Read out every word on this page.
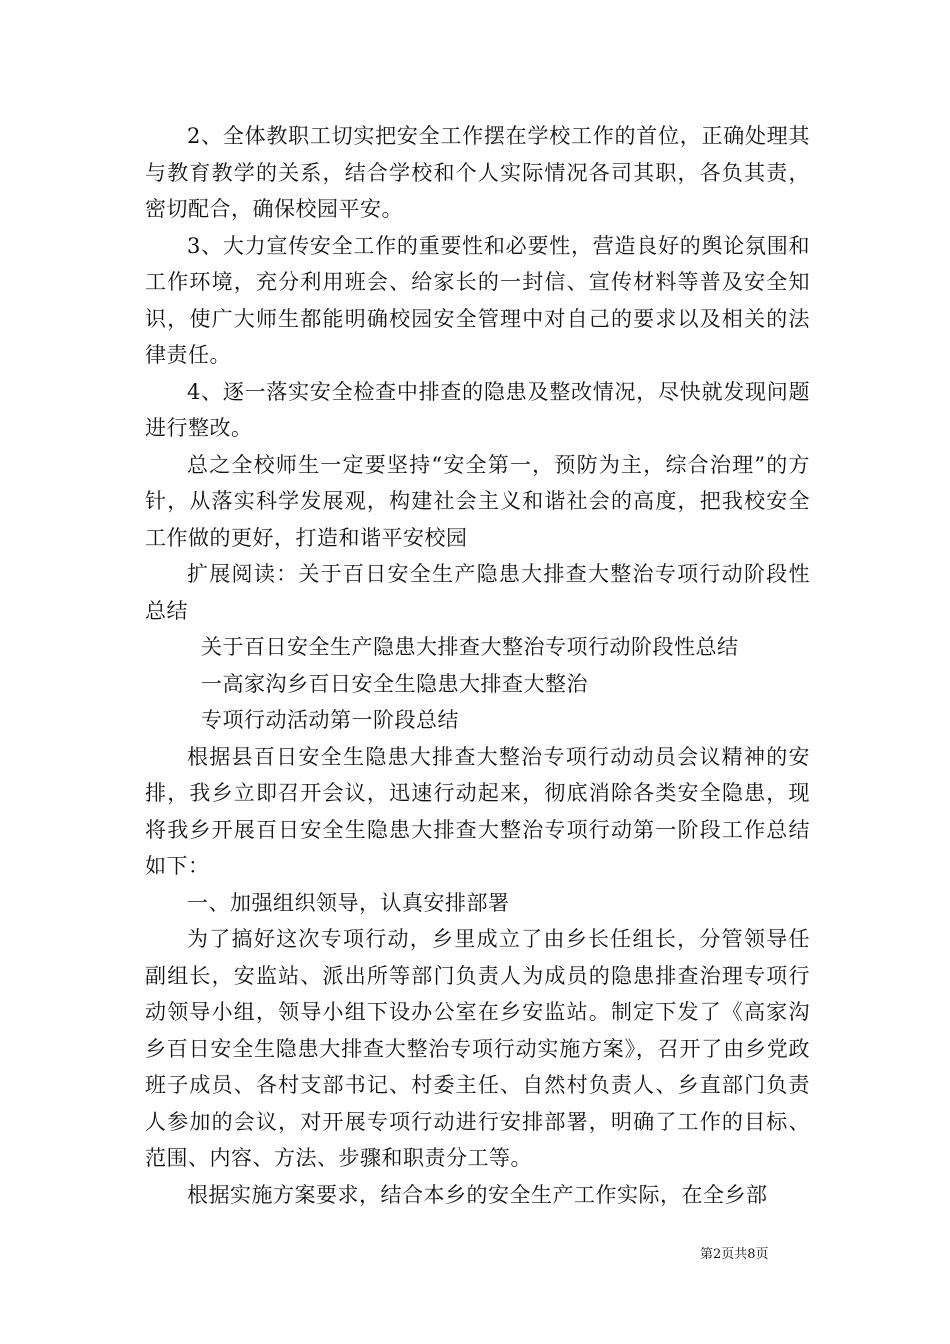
2、全体教职工切实把安全工作摆在学校工作的首位，正确处理其与教育教学的关系，结合学校和个人实际情况各司其职，各负其责，密切配合，确保校园平安。

3、大力宣传安全工作的重要性和必要性，营造良好的舆论氛围和工作环境，充分利用班会、给家长的一封信、宣传材料等普及安全知识，使广大师生都能明确校园安全管理中对自己的要求以及相关的法律责任。

4、逐一落实安全检查中排查的隐患及整改情况，尽快就发现问题进行整改。

总之全校师生一定要坚持“安全第一，预防为主，综合治理”的方针，从落实科学发展观，构建社会主义和谐社会的高度，把我校安全工作做的更好，打造和谐平安校园

扩展阅读：关于百日安全生产隐患大排查大整治专项行动阶段性总结

关于百日安全生产隐患大排查大整治专项行动阶段性总结

一高家沟乡百日安全生隐患大排查大整治

专项行动活动第一阶段总结

根据县百日安全生隐患大排查大整治专项行动动员会议精神的安排，我乡立即召开会议，迅速行动起来，彻底消除各类安全隐患，现将我乡开展百日安全生隐患大排查大整治专项行动第一阶段工作总结如下：

一、加强组织领导，认真安排部署

为了搞好这次专项行动，乡里成立了由乡长任组长，分管领导任副组长，安监站、派出所等部门负责人为成员的隐患排查治理专项行动领导小组，领导小组下设办公室在乡安监站。制定下发了《高家沟乡百日安全生隐患大排查大整治专项行动实施方案》，召开了由乡党政班子成员、各村支部书记、村委主任、自然村负责人、乡直部门负责人参加的会议，对开展专项行动进行安排部署，明确了工作的目标、范围、内容、方法、步骤和职责分工等。

根据实施方案要求，结合本乡的安全生产工作实际，在全乡部

第2页共8页
